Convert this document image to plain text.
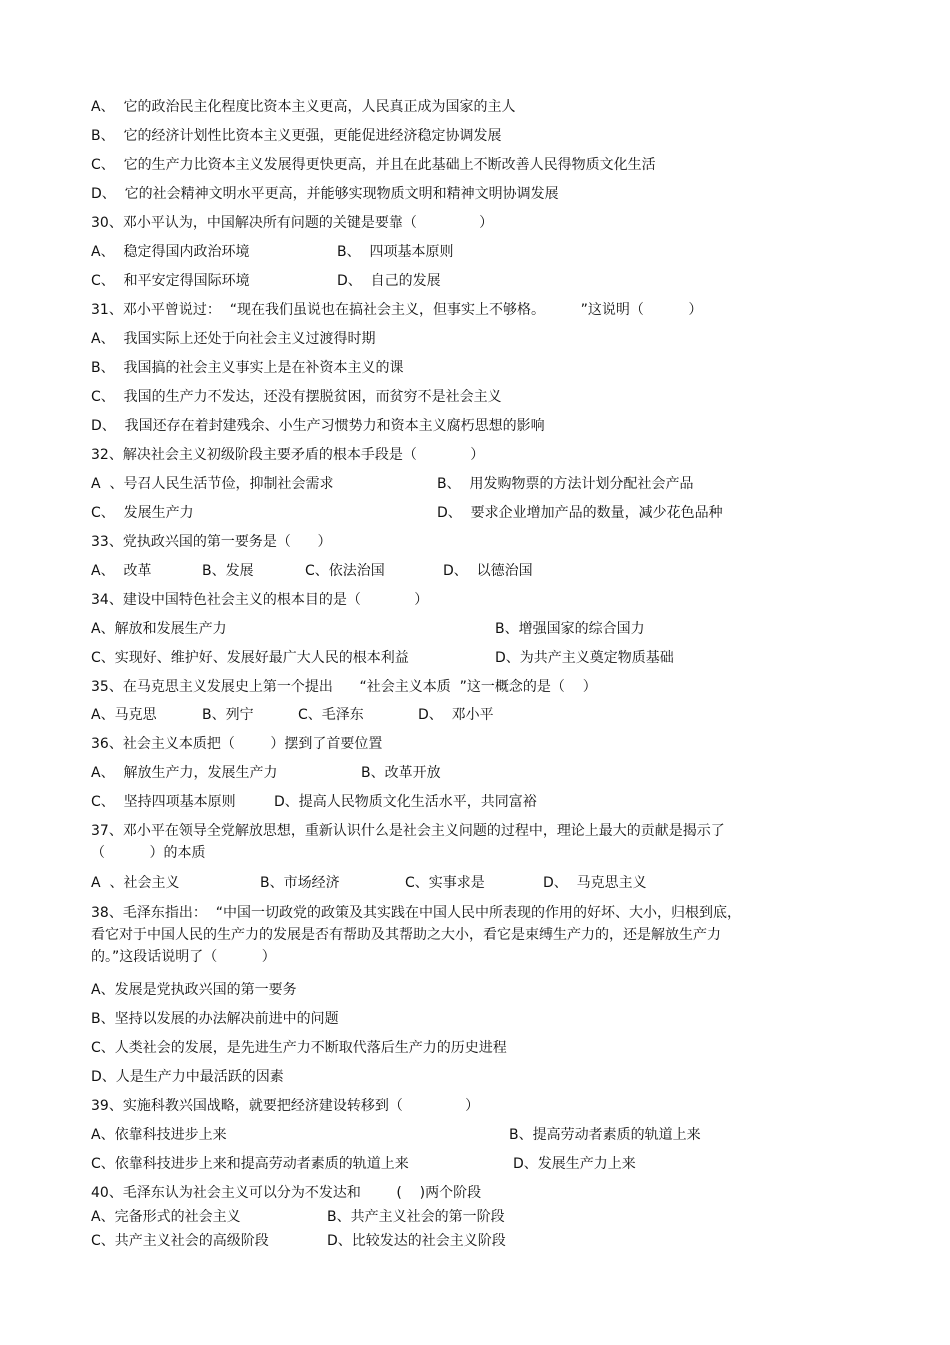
A、  它的政治民主化程度比资本主义更高，人民真正成为国家的主人
B、  它的经济计划性比资本主义更强，更能促进经济稳定协调发展
C、  它的生产力比资本主义发展得更快更高，并且在此基础上不断改善人民得物质文化生活
D、  它的社会精神文明水平更高，并能够实现物质文明和精神文明协调发展
30、邓小平认为，中国解决所有问题的关键是要靠（              ）
A、  稳定得国内政治环境	B、  四项基本原则
C、  和平安定得国际环境	D、  自己的发展
31、邓小平曾说过：  “现在我们虽说也在搞社会主义，但事实上不够格。        ”这说明（          ）
A、  我国实际上还处于向社会主义过渡得时期
B、  我国搞的社会主义事实上是在补资本主义的课
C、  我国的生产力不发达，还没有摆脱贫困，而贫穷不是社会主义
D、  我国还存在着封建残余、小生产习惯势力和资本主义腐朽思想的影响
32、解决社会主义初级阶段主要矛盾的根本手段是（            ）
A  、号召人民生活节俭，抑制社会需求	B、  用发购物票的方法计划分配社会产品
C、  发展生产力	D、  要求企业增加产品的数量，减少花色品种
33、党执政兴国的第一要务是（      ）
A、  改革	B、发展	C、依法治国	D、  以德治国
34、建设中国特色社会主义的根本目的是（            ）
A、解放和发展生产力	B、增强国家的综合国力
C、实现好、维护好、发展好最广大人民的根本利益	D、为共产主义奠定物质基础
35、在马克思主义发展史上第一个提出      “社会主义本质  ”这一概念的是（    ）
A、马克思	B、列宁	C、毛泽东	D、  邓小平
36、社会主义本质把（        ）摆到了首要位置
A、  解放生产力，发展生产力	B、改革开放
C、  坚持四项基本原则	D、提高人民物质文化生活水平，共同富裕
37、邓小平在领导全党解放思想，重新认识什么是社会主义问题的过程中，理论上最大的贡献是揭示了
（          ）的本质
A  、社会主义	B、市场经济	C、实事求是	D、  马克思主义
38、毛泽东指出：  “中国一切政党的政策及其实践在中国人民中所表现的作用的好坏、大小，归根到底，
看它对于中国人民的生产力的发展是否有帮助及其帮助之大小，看它是束缚生产力的，还是解放生产力
的。”这段话说明了（          ）
A、发展是党执政兴国的第一要务
B、坚持以发展的办法解决前进中的问题
C、人类社会的发展，是先进生产力不断取代落后生产力的历史进程
D、人是生产力中最活跃的因素
39、实施科教兴国战略，就要把经济建设转移到（              ）
A、依靠科技进步上来	B、提高劳动者素质的轨道上来
C、依靠科技进步上来和提高劳动者素质的轨道上来	D、发展生产力上来
40、毛泽东认为社会主义可以分为不发达和        (    )两个阶段
A、完备形式的社会主义	B、共产主义社会的第一阶段
C、共产主义社会的高级阶段	D、比较发达的社会主义阶段
